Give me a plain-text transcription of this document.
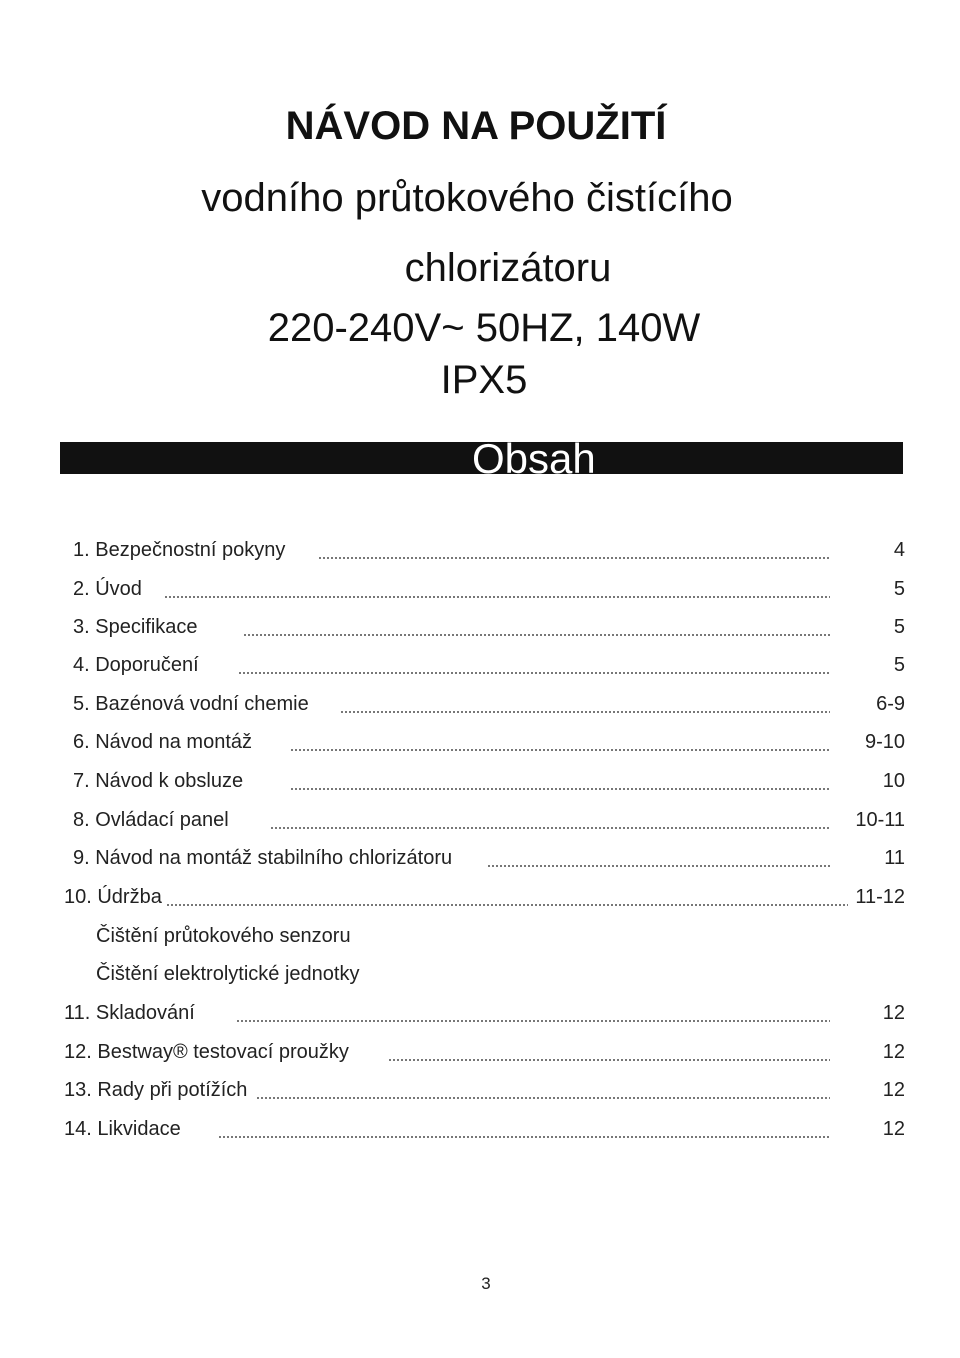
NÁVOD NA POUŽITÍ
vodního průtokového čistícího
chlorizátoru
220-240V~ 50HZ, 140W
IPX5
Obsah
1. Bezpečnostní pokyny	4
2. Úvod	5
3. Specifikace	5
4. Doporučení	5
5. Bazénová vodní chemie	6-9
6. Návod na montáž	9-10
7. Návod k obsluze	10
8. Ovládací panel	10-11
9. Návod na montáž stabilního chlorizátoru	11
10. Údržba	11-12
Čištění průtokového senzoru
Čištění elektrolytické jednotky
11. Skladování	12
12. Bestway® testovací proužky	12
13. Rady při potížích	12
14. Likvidace	12
3
